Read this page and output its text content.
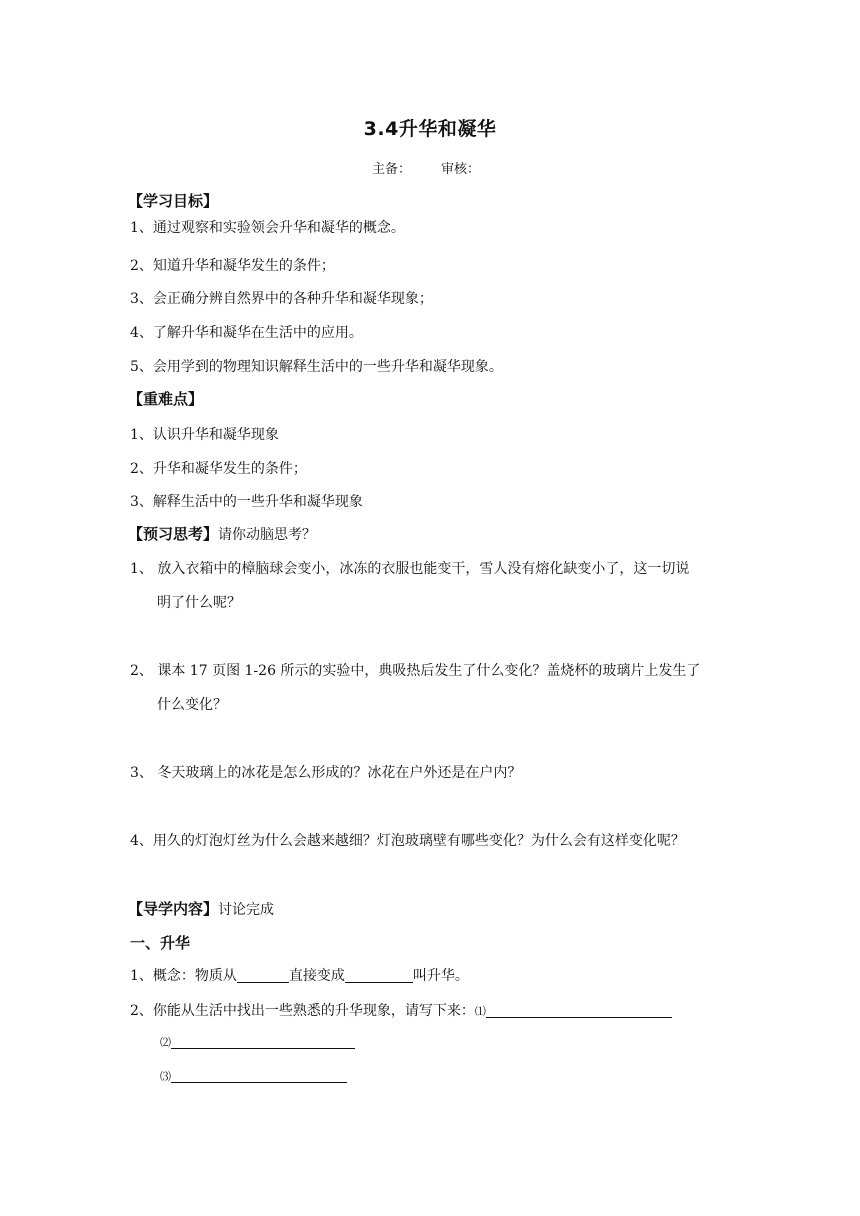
3.4升华和凝华
主备： 审核：
【学习目标】
1、通过观察和实验领会升华和凝华的概念。
2、知道升华和凝华发生的条件；
3、会正确分辨自然界中的各种升华和凝华现象；
4、了解升华和凝华在生活中的应用。
5、会用学到的物理知识解释生活中的一些升华和凝华现象。
【重难点】
1、认识升华和凝华现象
2、升华和凝华发生的条件；
3、解释生活中的一些升华和凝华现象
【预习思考】请你动脑思考？
1、 放入衣箱中的樟脑球会变小，冰冻的衣服也能变干，雪人没有熔化缺变小了，这一切说
明了什么呢？
2、 课本 17 页图 1-26 所示的实验中，典吸热后发生了什么变化？盖烧杯的玻璃片上发生了
什么变化？
3、 冬天玻璃上的冰花是怎么形成的？冰花在户外还是在户内？
4、用久的灯泡灯丝为什么会越来越细？灯泡玻璃壁有哪些变化？为什么会有这样变化呢？
【导学内容】讨论完成
一、升华
1、概念：物质从	直接变成	叫升华。
2、你能从生活中找出一些熟悉的升华现象，请写下来：⑴
⑵
⑶
